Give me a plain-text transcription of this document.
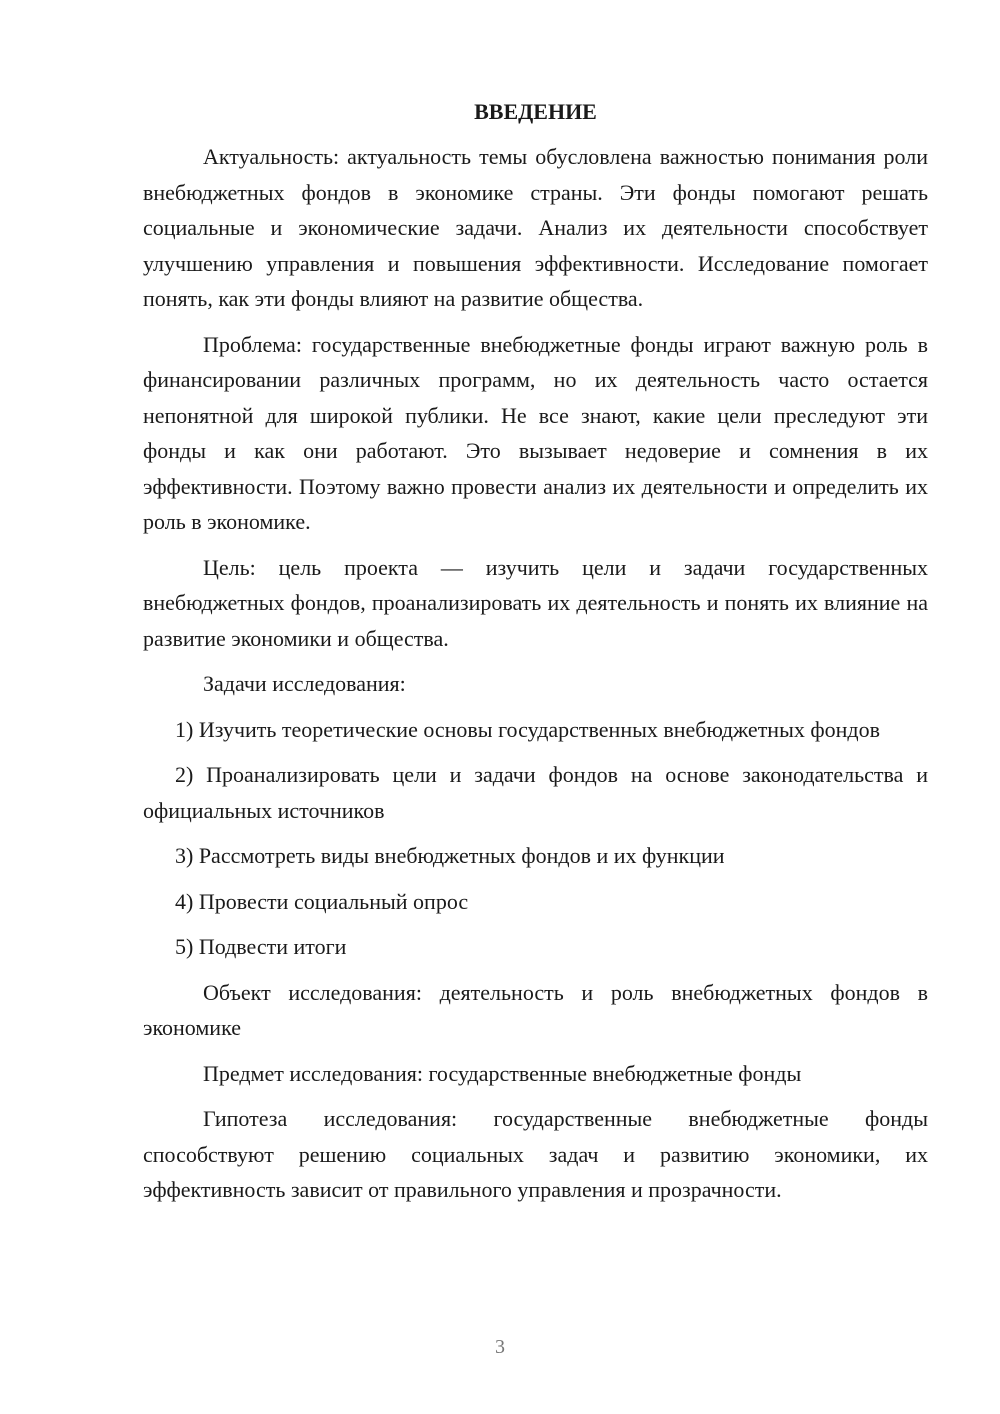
ВВЕДЕНИЕ

Актуальность: актуальность темы обусловлена важностью понимания роли внебюджетных фондов в экономике страны. Эти фонды помогают решать социальные и экономические задачи. Анализ их деятельности способствует улучшению управления и повышения эффективности. Исследование помогает понять, как эти фонды влияют на развитие общества.

Проблема: государственные внебюджетные фонды играют важную роль в финансировании различных программ, но их деятельность часто остается непонятной для широкой публики. Не все знают, какие цели преследуют эти фонды и как они работают. Это вызывает недоверие и сомнения в их эффективности. Поэтому важно провести анализ их деятельности и определить их роль в экономике.

Цель: цель проекта — изучить цели и задачи государственных внебюджетных фондов, проанализировать их деятельность и понять их влияние на развитие экономики и общества.

Задачи исследования:

1) Изучить теоретические основы государственных внебюджетных фондов

2) Проанализировать цели и задачи фондов на основе законодательства и официальных источников

3) Рассмотреть виды внебюджетных фондов и их функции

4) Провести социальный опрос

5) Подвести итоги

Объект исследования: деятельность и роль внебюджетных фондов в экономике

Предмет исследования: государственные внебюджетные фонды

Гипотеза исследования: государственные внебюджетные фонды способствуют решению социальных задач и развитию экономики, их эффективность зависит от правильного управления и прозрачности.

3
